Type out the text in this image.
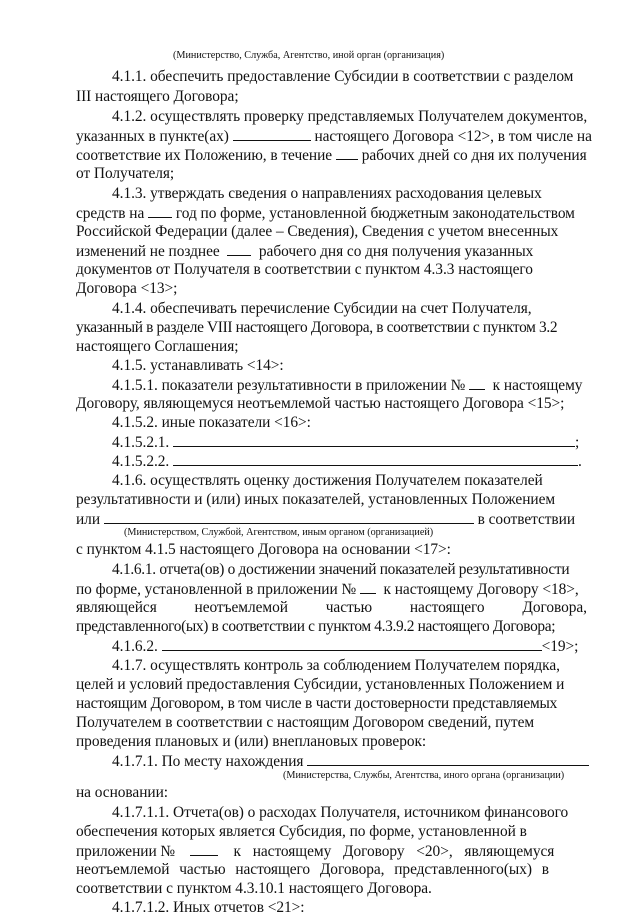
(Министерство, Служба, Агентство, иной орган (организация)
4.1.1. обеспечить предоставление Субсидии в соответствии с разделом
III настоящего Договора;
4.1.2. осуществлять проверку представляемых Получателем документов,
указанных в пункте(ах)	настоящего Договора <12>, в том числе на
соответствие их Положению, в течение рабочих дней со дня их получения
от Получателя;
4.1.3. утверждать сведения о направлениях расходования целевых
средств на год по форме, установленной бюджетным законодательством
Российской Федерации (далее – Сведения), Сведения с учетом внесенных
изменений не позднее	рабочего дня со дня получения указанных
документов от Получателя в соответствии с пунктом 4.3.3 настоящего
Договора <13>;
4.1.4. обеспечивать перечисление Субсидии на счет Получателя,
указанный в разделе VIII настоящего Договора, в соответствии с пунктом 3.2
настоящего Соглашения;
4.1.5. устанавливать <14>:
4.1.5.1. показатели результативности в приложении № к настоящему
Договору, являющемуся неотъемлемой частью настоящего Договора <15>;
4.1.5.2. иные показатели <16>:
4.1.5.2.1.	;
4.1.5.2.2.	.
4.1.6. осуществлять оценку достижения Получателем показателей
результативности и (или) иных показателей, установленных Положением
или	в соответствии
(Министерством, Службой, Агентством, иным органом (организацией)
с пунктом 4.1.5 настоящего Договора на основании <17>:
4.1.6.1. отчета(ов) о достижении значений показателей результативности
по форме, установленной в приложении № к настоящему Договору <18>,
являющейся неотъемлемой частью настоящего Договора,
представленного(ых) в соответствии с пунктом 4.3.9.2 настоящего Договора;
4.1.6.2.	<19>;
4.1.7. осуществлять контроль за соблюдением Получателем порядка,
целей и условий предоставления Субсидии, установленных Положением и
настоящим Договором, в том числе в части достоверности представляемых
Получателем в соответствии с настоящим Договором сведений, путем
проведения плановых и (или) внеплановых проверок:
4.1.7.1. По месту нахождения
(Министерства, Службы, Агентства, иного органа (организации)
на основании:
4.1.7.1.1. Отчета(ов) о расходах Получателя, источником финансового
обеспечения которых является Субсидия, по форме, установленной в
приложении №	к настоящему Договору <20>, являющемуся
неотъемлемой частью настоящего Договора, представленного(ых) в
соответствии с пунктом 4.3.10.1 настоящего Договора.
4.1.7.1.2. Иных отчетов <21>:
